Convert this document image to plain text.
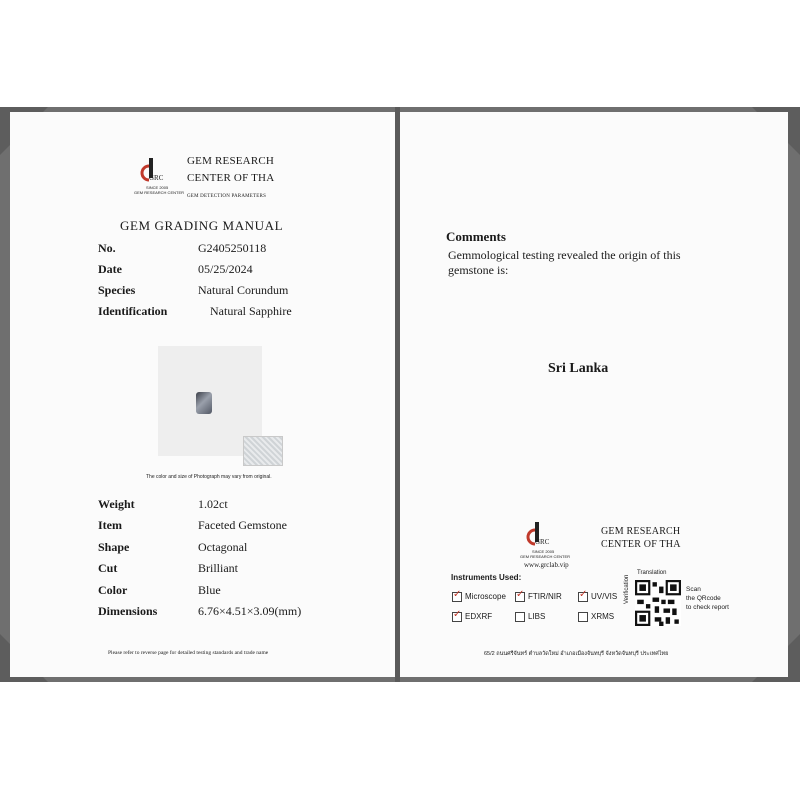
GRC
SINCE 2005
GEM RESEARCH CENTER
GEM RESEARCH
CENTER OF THA
GEM DETECTION PARAMETERS
GEM GRADING MANUAL
No.	G2405250118
Date	05/25/2024
Species	Natural Corundum
Identification	Natural Sapphire
The color and size of Photograph may vary from original.
Weight	1.02ct
Item	Faceted Gemstone
Shape	Octagonal
Cut	Brilliant
Color	Blue
Dimensions	6.76×4.51×3.09(mm)
Please refer to reverse page for detailed testing standards and trade name
Comments
Gemmological testing revealed the origin of this gemstone is:
Sri Lanka
GRC
SINCE 2005
GEM RESEARCH CENTER
GEM RESEARCH
CENTER OF THA
www.grclab.vip
Instruments Used:
✓ Microscope ✓ FTIR/NIR ✓ UV/VIS
✓ EDXRF	LIBS	XRMS
Translation
Verification	Scan
the QRcode
to check report
65/2 ถนนศรีจันทร์ ตำบลวัดใหม่ อำเภอเมืองจันทบุรี จังหวัดจันทบุรี ประเทศไทย
